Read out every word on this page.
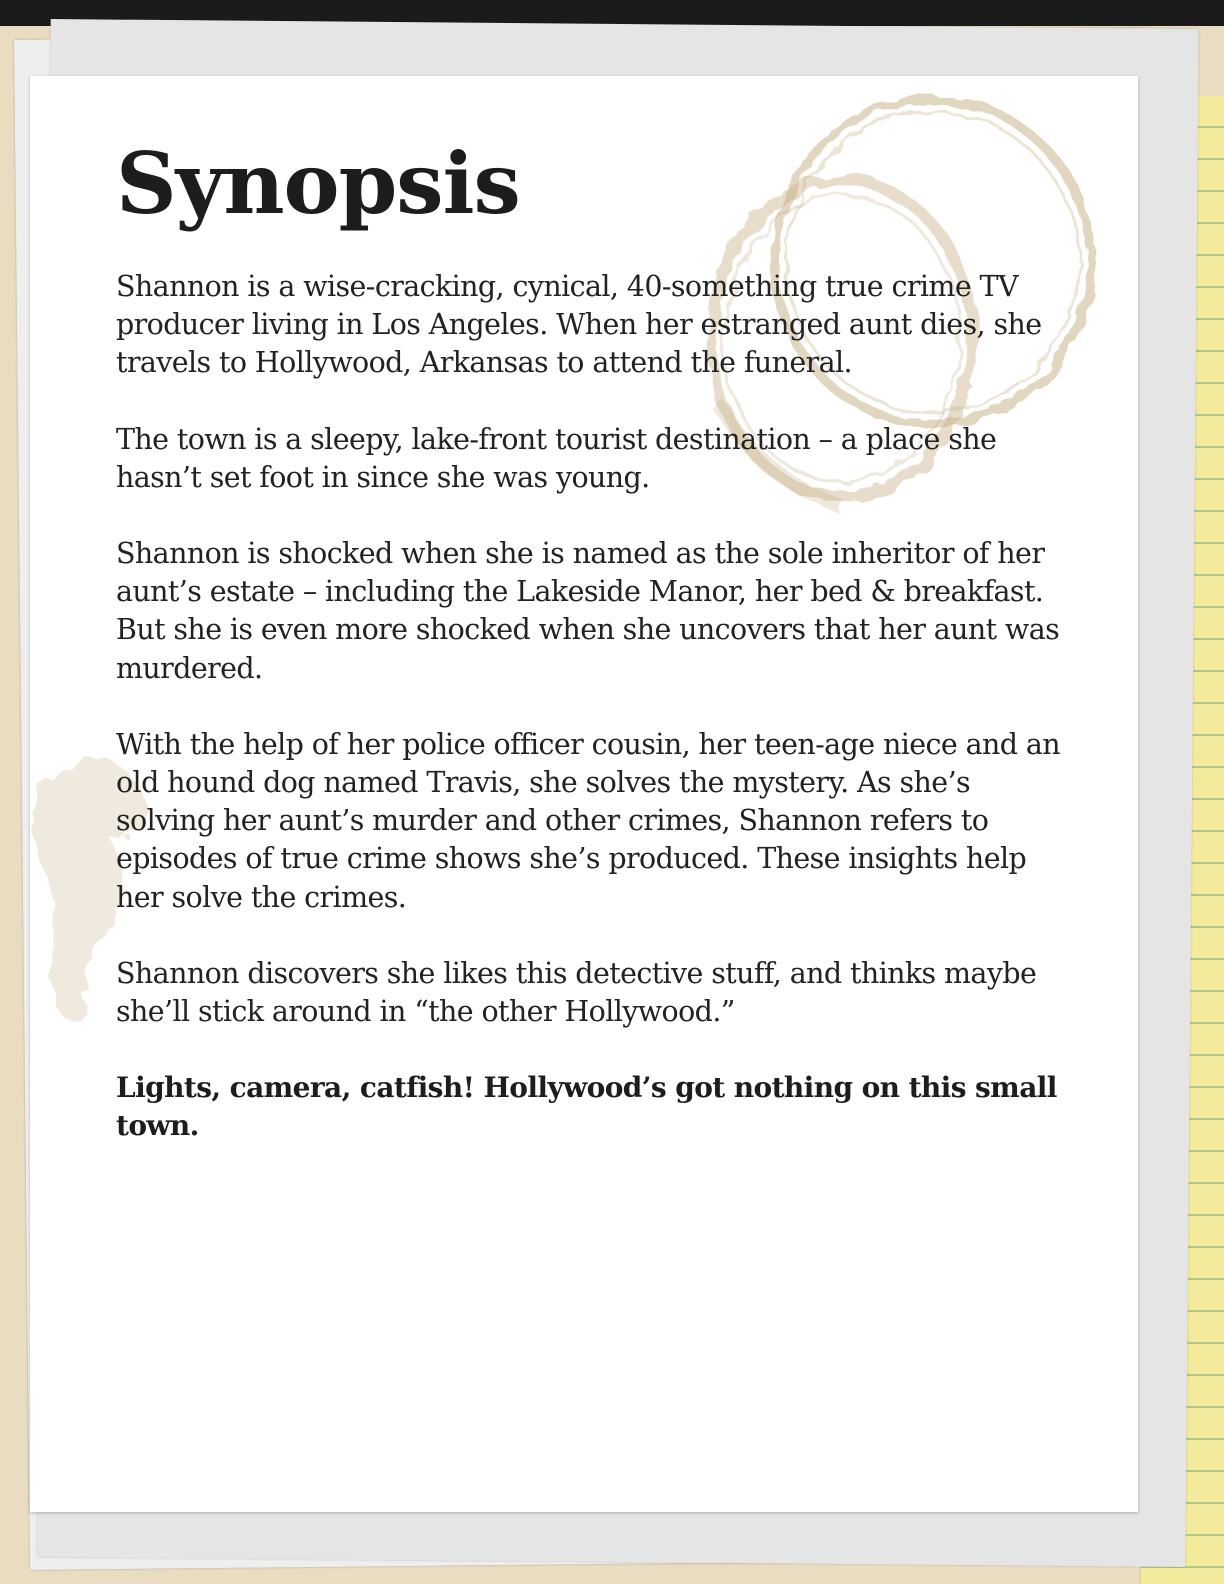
Synopsis

Shannon is a wise-cracking, cynical, 40-something true crime TV producer living in Los Angeles. When her estranged aunt dies, she travels to Hollywood, Arkansas to attend the funeral.

The town is a sleepy, lake-front tourist destination – a place she hasn’t set foot in since she was young.

Shannon is shocked when she is named as the sole inheritor of her aunt’s estate – including the Lakeside Manor, her bed & breakfast. But she is even more shocked when she uncovers that her aunt was murdered.

With the help of her police officer cousin, her teen-age niece and an old hound dog named Travis, she solves the mystery. As she’s solving her aunt’s murder and other crimes, Shannon refers to episodes of true crime shows she’s produced. These insights help her solve the crimes.

Shannon discovers she likes this detective stuff, and thinks maybe she’ll stick around in “the other Hollywood.”

Lights, camera, catfish! Hollywood’s got nothing on this small town.
